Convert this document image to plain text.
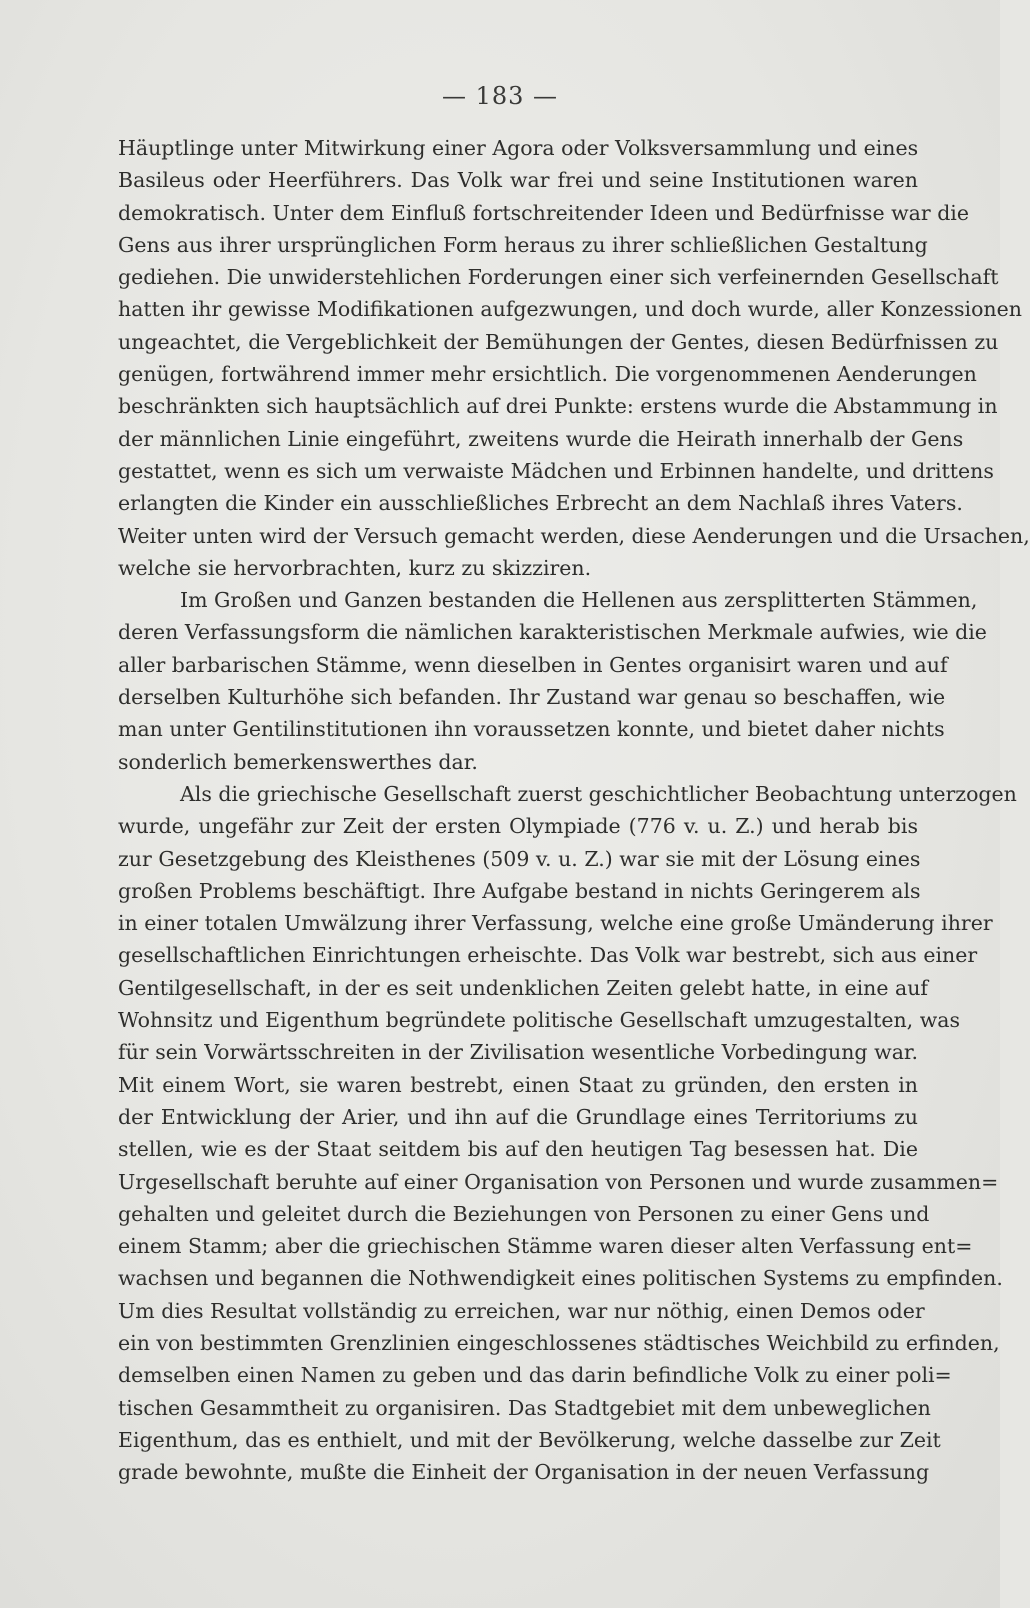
— 183 —
Häuptlinge unter Mitwirkung einer Agora oder Volksversammlung und eines
Basileus oder Heerführers. Das Volk war frei und seine Institutionen waren
demokratisch. Unter dem Einfluß fortschreitender Ideen und Bedürfnisse war die
Gens aus ihrer ursprünglichen Form heraus zu ihrer schließlichen Gestaltung
gediehen. Die unwiderstehlichen Forderungen einer sich verfeinernden Gesellschaft
hatten ihr gewisse Modifikationen aufgezwungen, und doch wurde, aller Konzessionen
ungeachtet, die Vergeblichkeit der Bemühungen der Gentes, diesen Bedürfnissen zu
genügen, fortwährend immer mehr ersichtlich. Die vorgenommenen Aenderungen
beschränkten sich hauptsächlich auf drei Punkte: erstens wurde die Abstammung in
der männlichen Linie eingeführt, zweitens wurde die Heirath innerhalb der Gens
gestattet, wenn es sich um verwaiste Mädchen und Erbinnen handelte, und drittens
erlangten die Kinder ein ausschließliches Erbrecht an dem Nachlaß ihres Vaters.
Weiter unten wird der Versuch gemacht werden, diese Aenderungen und die Ursachen,
welche sie hervorbrachten, kurz zu skizziren.
Im Großen und Ganzen bestanden die Hellenen aus zersplitterten Stämmen,
deren Verfassungsform die nämlichen karakteristischen Merkmale aufwies, wie die
aller barbarischen Stämme, wenn dieselben in Gentes organisirt waren und auf
derselben Kulturhöhe sich befanden. Ihr Zustand war genau so beschaffen, wie
man unter Gentilinstitutionen ihn voraussetzen konnte, und bietet daher nichts
sonderlich bemerkenswerthes dar.
Als die griechische Gesellschaft zuerst geschichtlicher Beobachtung unterzogen
wurde, ungefähr zur Zeit der ersten Olympiade (776 v. u. Z.) und herab bis
zur Gesetzgebung des Kleisthenes (509 v. u. Z.) war sie mit der Lösung eines
großen Problems beschäftigt. Ihre Aufgabe bestand in nichts Geringerem als
in einer totalen Umwälzung ihrer Verfassung, welche eine große Umänderung ihrer
gesellschaftlichen Einrichtungen erheischte. Das Volk war bestrebt, sich aus einer
Gentilgesellschaft, in der es seit undenklichen Zeiten gelebt hatte, in eine auf
Wohnsitz und Eigenthum begründete politische Gesellschaft umzugestalten, was
für sein Vorwärtsschreiten in der Zivilisation wesentliche Vorbedingung war.
Mit einem Wort, sie waren bestrebt, einen Staat zu gründen, den ersten in
der Entwicklung der Arier, und ihn auf die Grundlage eines Territoriums zu
stellen, wie es der Staat seitdem bis auf den heutigen Tag besessen hat. Die
Urgesellschaft beruhte auf einer Organisation von Personen und wurde zusammen=
gehalten und geleitet durch die Beziehungen von Personen zu einer Gens und
einem Stamm; aber die griechischen Stämme waren dieser alten Verfassung ent=
wachsen und begannen die Nothwendigkeit eines politischen Systems zu empfinden.
Um dies Resultat vollständig zu erreichen, war nur nöthig, einen Demos oder
ein von bestimmten Grenzlinien eingeschlossenes städtisches Weichbild zu erfinden,
demselben einen Namen zu geben und das darin befindliche Volk zu einer poli=
tischen Gesammtheit zu organisiren. Das Stadtgebiet mit dem unbeweglichen
Eigenthum, das es enthielt, und mit der Bevölkerung, welche dasselbe zur Zeit
grade bewohnte, mußte die Einheit der Organisation in der neuen Verfassung
